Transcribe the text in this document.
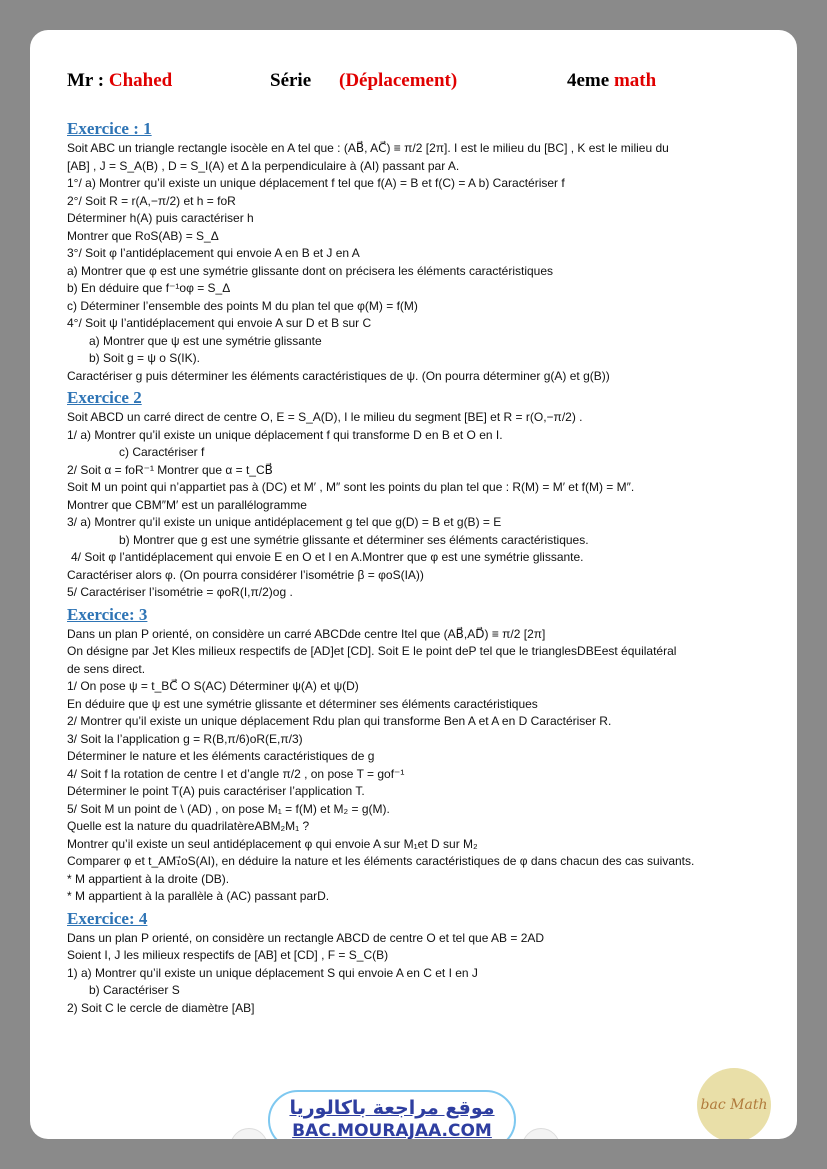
Mr : Chahed	Série (Déplacement)	4eme math
Exercice : 1
Soit ABC un triangle rectangle isocèle en A tel que : (AB⃗, AC⃗) ≡ π/2 [2π]. I est le milieu du [BC] , K est le milieu du
[AB] , J = S_A(B) , D = S_I(A) et Δ la perpendiculaire à (AI) passant par A.
1°/ a) Montrer qu’il existe un unique déplacement f tel que f(A) = B et f(C) = A b) Caractériser f
2°/ Soit R = r(A,−π/2) et h = foR
Déterminer h(A) puis caractériser h
Montrer que RoS(AB) = S_Δ
3°/ Soit φ l’antidéplacement qui envoie A en B et J en A
a) Montrer que φ est une symétrie glissante dont on précisera les éléments caractéristiques
b) En déduire que f⁻¹oφ = S_Δ
c) Déterminer l’ensemble des points M du plan tel que φ(M) = f(M)
4°/ Soit ψ l’antidéplacement qui envoie A sur D et B sur C
a) Montrer que ψ est une symétrie glissante
b) Soit g = ψ o S(IK).
Caractériser g puis déterminer les éléments caractéristiques de ψ. (On pourra déterminer g(A) et g(B))
Exercice 2
Soit ABCD un carré direct de centre O, E = S_A(D), I le milieu du segment [BE] et R = r(O,−π/2) .
1/ a) Montrer qu’il existe un unique déplacement f qui transforme D en B et O en I.
c) Caractériser f
2/ Soit α = foR⁻¹ Montrer que α = t_CB⃗
Soit M un point qui n’appartiet pas à (DC) et M′ , M″ sont les points du plan tel que : R(M) = M′ et f(M) = M″.
Montrer que CBM″M′ est un parallélogramme
3/ a) Montrer qu’il existe un unique antidéplacement g tel que g(D) = B et g(B) = E
b) Montrer que g est une symétrie glissante et déterminer ses éléments caractéristiques.
4/ Soit φ l’antidéplacement qui envoie E en O et I en A.Montrer que φ est une symétrie glissante.
Caractériser alors φ. (On pourra considérer l’isométrie β = φoS(IA))
5/ Caractériser l’isométrie = φoR(I,π/2)og .
Exercice: 3
Dans un plan P orienté, on considère un carré ABCDde centre Itel que (AB⃗,AD⃗) ≡ π/2 [2π]
On désigne par Jet Kles milieux respectifs de [AD]et [CD]. Soit E le point deP tel que le trianglesDBEest équilatéral
de sens direct.
1/ On pose ψ = t_BC⃗ O S(AC) Déterminer ψ(A) et ψ(D)
En déduire que ψ est une symétrie glissante et déterminer ses éléments caractéristiques
2/ Montrer qu’il existe un unique déplacement Rdu plan qui transforme Ben A et A en D Caractériser R.
3/ Soit la l’application g = R(B,π/6)oR(E,π/3)
Déterminer le nature et les éléments caractéristiques de g
4/ Soit f la rotation de centre I et d’angle π/2 , on pose T = gof⁻¹
Déterminer le point T(A) puis caractériser l’application T.
5/ Soit M un point de \ (AD) , on pose M₁ = f(M) et M₂ = g(M).
Quelle est la nature du quadrilatèreABM₂M₁ ?
Montrer qu’il existe un seul antidéplacement φ qui envoie A sur M₁et D sur M₂
Comparer φ et t_AM₁⃗oS(AI), en déduire la nature et les éléments caractéristiques de φ dans chacun des cas suivants.
* M appartient à la droite (DB).
* M appartient à la parallèle à (AC) passant parD.
Exercice: 4
Dans un plan P orienté, on considère un rectangle ABCD de centre O et tel que AB = 2AD
Soient I, J les milieux respectifs de [AB] et [CD] , F = S_C(B)
1) a) Montrer qu’il existe un unique déplacement S qui envoie A en C et I en J
b) Caractériser S
2) Soit C le cercle de diamètre [AB]
موقع مراجعة باكالوريا
BAC.MOURAJAA.COM
bac Math
